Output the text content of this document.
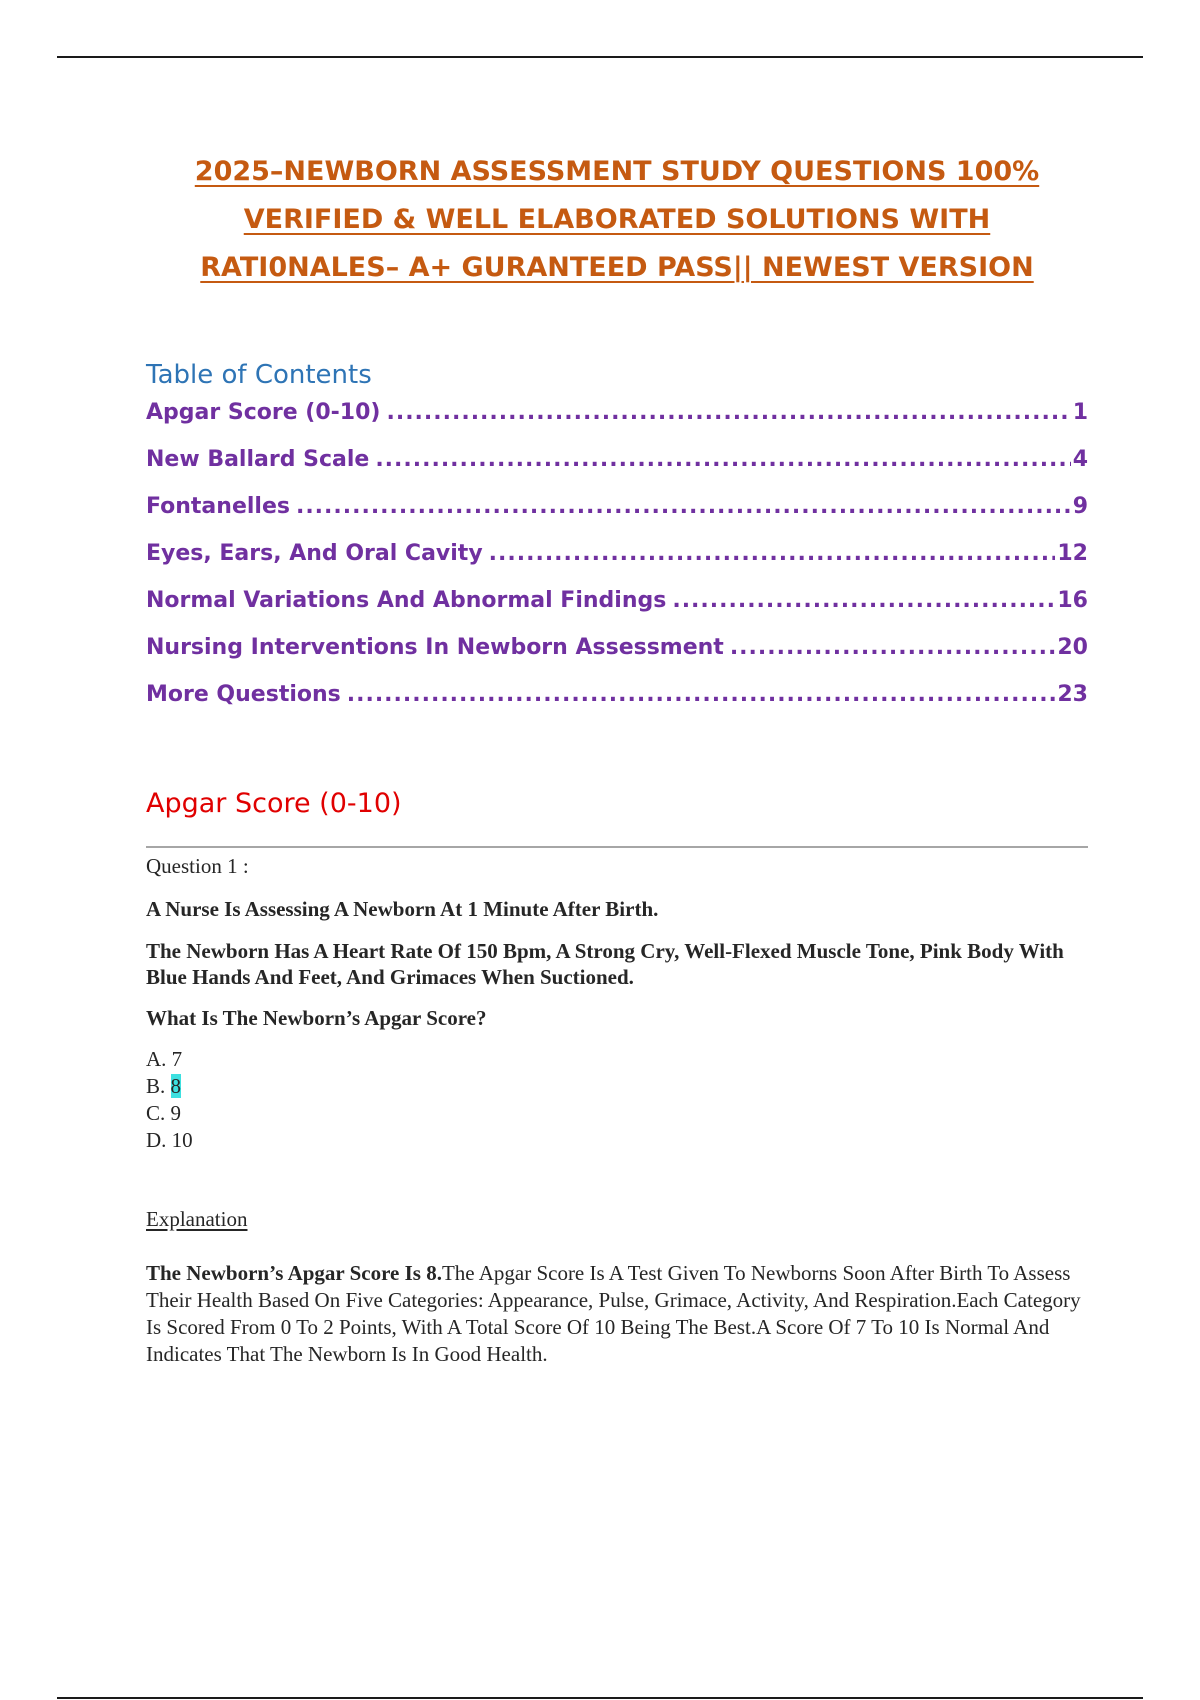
2025–NEWBORN ASSESSMENT STUDY QUESTIONS 100%
VERIFIED & WELL ELABORATED SOLUTIONS WITH
RATI0NALES– A+ GURANTEED PASS|| NEWEST VERSION
Table of Contents
Apgar Score (0-10) .....	1
New Ballard Scale .....	4
Fontanelles .....	9
Eyes, Ears, And Oral Cavity .....	12
Normal Variations And Abnormal Findings .....	16
Nursing Interventions In Newborn Assessment .....	20
More Questions .....	23
Apgar Score (0-10)
Question 1 :
A Nurse Is Assessing A Newborn At 1 Minute After Birth.
The Newborn Has A Heart Rate Of 150 Bpm, A Strong Cry, Well-Flexed Muscle Tone, Pink Body With Blue Hands And Feet, And Grimaces When Suctioned.
What Is The Newborn’s Apgar Score?
A. 7
B. 8
C. 9
D. 10
Explanation
The Newborn’s Apgar Score Is 8.The Apgar Score Is A Test Given To Newborns Soon After Birth To Assess Their Health Based On Five Categories: Appearance, Pulse, Grimace, Activity, And Respiration.Each Category Is Scored From 0 To 2 Points, With A Total Score Of 10 Being The Best.A Score Of 7 To 10 Is Normal And Indicates That The Newborn Is In Good Health.
